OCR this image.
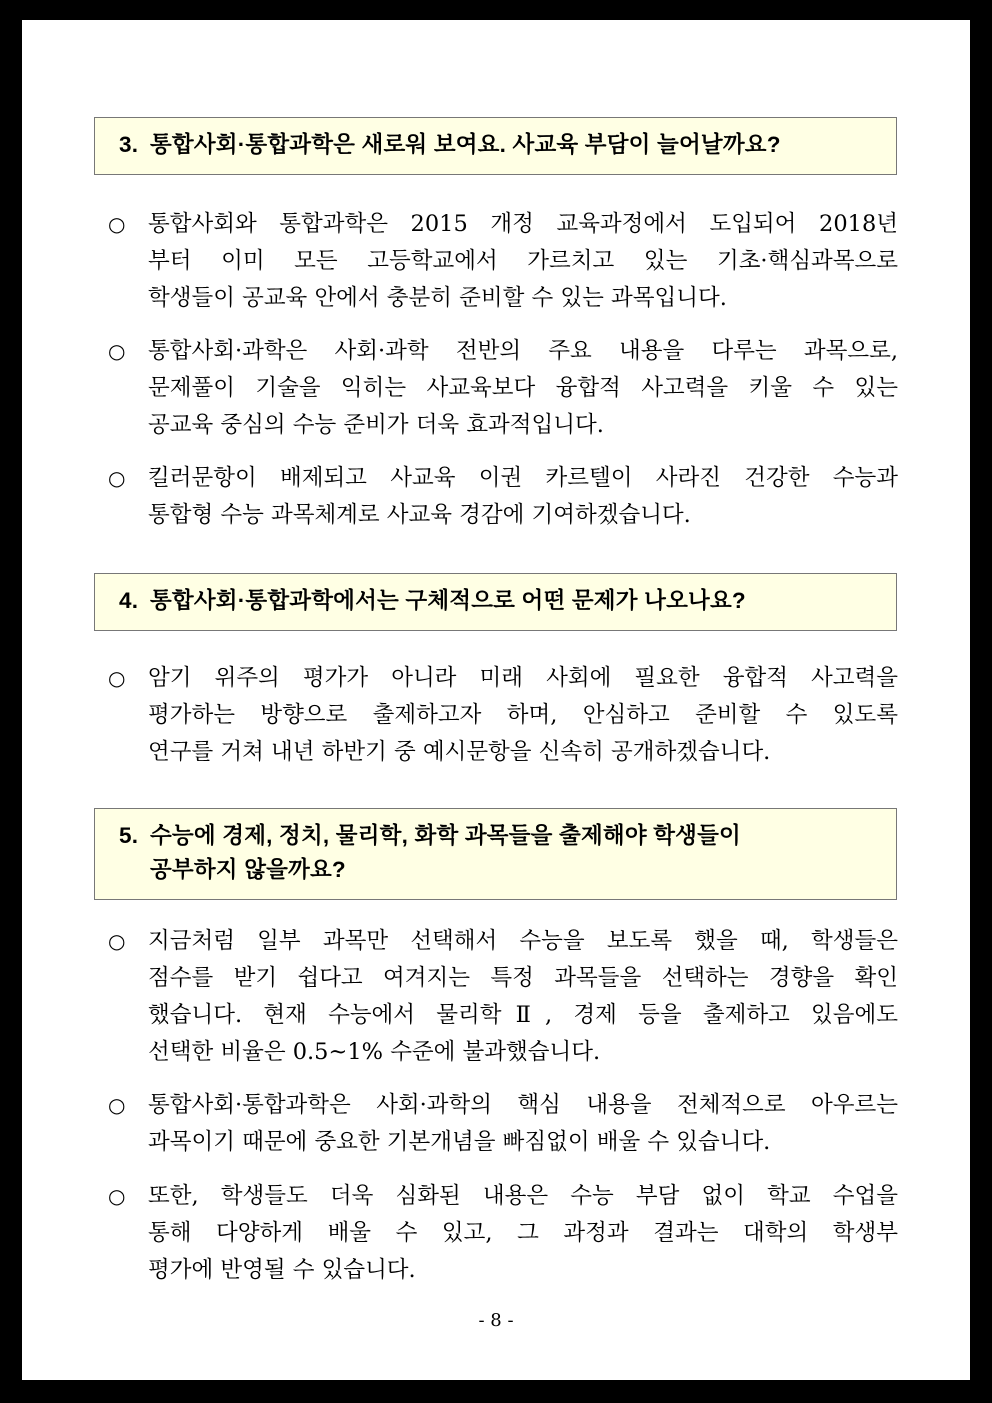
3. 통합사회·통합과학은 새로워 보여요. 사교육 부담이 늘어날까요?
○ 통합사회와 통합과학은 2015 개정 교육과정에서 도입되어 2018년
부터 이미 모든 고등학교에서 가르치고 있는 기초·핵심과목으로
학생들이 공교육 안에서 충분히 준비할 수 있는 과목입니다.
○ 통합사회·과학은 사회·과학 전반의 주요 내용을 다루는 과목으로,
문제풀이 기술을 익히는 사교육보다 융합적 사고력을 키울 수 있는
공교육 중심의 수능 준비가 더욱 효과적입니다.
○ 킬러문항이 배제되고 사교육 이권 카르텔이 사라진 건강한 수능과
통합형 수능 과목체계로 사교육 경감에 기여하겠습니다.
4. 통합사회·통합과학에서는 구체적으로 어떤 문제가 나오나요?
○ 암기 위주의 평가가 아니라 미래 사회에 필요한 융합적 사고력을
평가하는 방향으로 출제하고자 하며, 안심하고 준비할 수 있도록
연구를 거쳐 내년 하반기 중 예시문항을 신속히 공개하겠습니다.
5. 수능에 경제, 정치, 물리학, 화학 과목들을 출제해야 학생들이
공부하지 않을까요?
○ 지금처럼 일부 과목만 선택해서 수능을 보도록 했을 때, 학생들은
점수를 받기 쉽다고 여겨지는 특정 과목들을 선택하는 경향을 확인
했습니다. 현재 수능에서 물리학Ⅱ, 경제 등을 출제하고 있음에도
선택한 비율은 0.5~1% 수준에 불과했습니다.
○ 통합사회·통합과학은 사회·과학의 핵심 내용을 전체적으로 아우르는
과목이기 때문에 중요한 기본개념을 빠짐없이 배울 수 있습니다.
○ 또한, 학생들도 더욱 심화된 내용은 수능 부담 없이 학교 수업을
통해 다양하게 배울 수 있고, 그 과정과 결과는 대학의 학생부
평가에 반영될 수 있습니다.
- 8 -
